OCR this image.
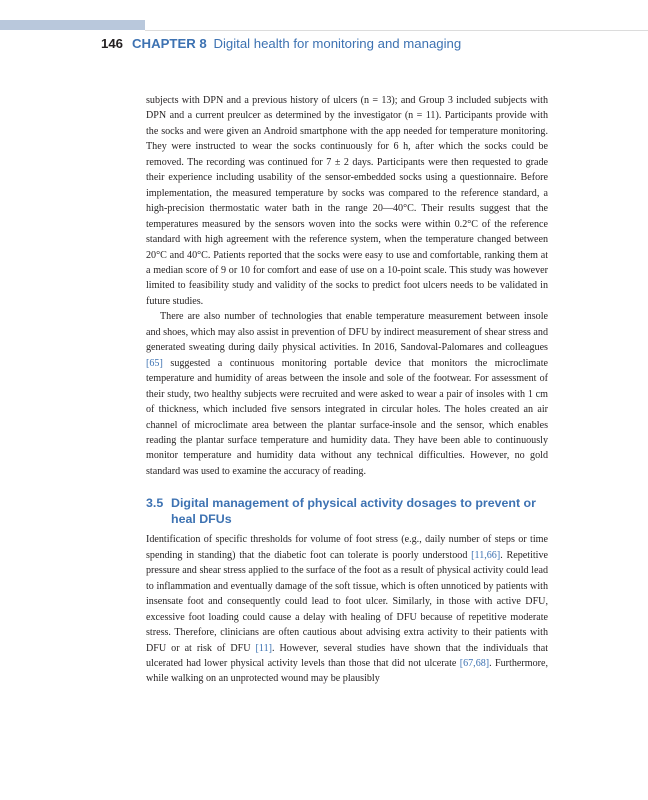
146 CHAPTER 8 Digital health for monitoring and managing

subjects with DPN and a previous history of ulcers (n = 13); and Group 3 included subjects with DPN and a current preulcer as determined by the investigator (n = 11). Participants provide with the socks and were given an Android smartphone with the app needed for temperature monitoring. They were instructed to wear the socks continuously for 6 h, after which the socks could be removed. The recording was continued for 7 ± 2 days. Participants were then requested to grade their experience including usability of the sensor-embedded socks using a questionnaire. Before implementation, the measured temperature by socks was compared to the reference standard, a high-precision thermostatic water bath in the range 20—40°C. Their results suggest that the temperatures measured by the sensors woven into the socks were within 0.2°C of the reference standard with high agreement with the reference system, when the temperature changed between 20°C and 40°C. Patients reported that the socks were easy to use and comfortable, ranking them at a median score of 9 or 10 for comfort and ease of use on a 10-point scale. This study was however limited to feasibility study and validity of the socks to predict foot ulcers needs to be validated in future studies.

There are also number of technologies that enable temperature measurement between insole and shoes, which may also assist in prevention of DFU by indirect measurement of shear stress and generated sweating during daily physical activities. In 2016, Sandoval-Palomares and colleagues [65] suggested a continuous monitoring portable device that monitors the microclimate temperature and humidity of areas between the insole and sole of the footwear. For assessment of their study, two healthy subjects were recruited and were asked to wear a pair of insoles with 1 cm of thickness, which included five sensors integrated in circular holes. The holes created an air channel of microclimate area between the plantar surface-insole and the sensor, which enables reading the plantar surface temperature and humidity data. They have been able to continuously monitor temperature and humidity data without any technical difficulties. However, no gold standard was used to examine the accuracy of reading.

3.5 Digital management of physical activity dosages to prevent or heal DFUs

Identification of specific thresholds for volume of foot stress (e.g., daily number of steps or time spending in standing) that the diabetic foot can tolerate is poorly understood [11,66]. Repetitive pressure and shear stress applied to the surface of the foot as a result of physical activity could lead to inflammation and eventually damage of the soft tissue, which is often unnoticed by patients with insensate foot and consequently could lead to foot ulcer. Similarly, in those with active DFU, excessive foot loading could cause a delay with healing of DFU because of repetitive moderate stress. Therefore, clinicians are often cautious about advising extra activity to their patients with DFU or at risk of DFU [11]. However, several studies have shown that the individuals that ulcerated had lower physical activity levels than those that did not ulcerate [67,68]. Furthermore, while walking on an unprotected wound may be plausibly
